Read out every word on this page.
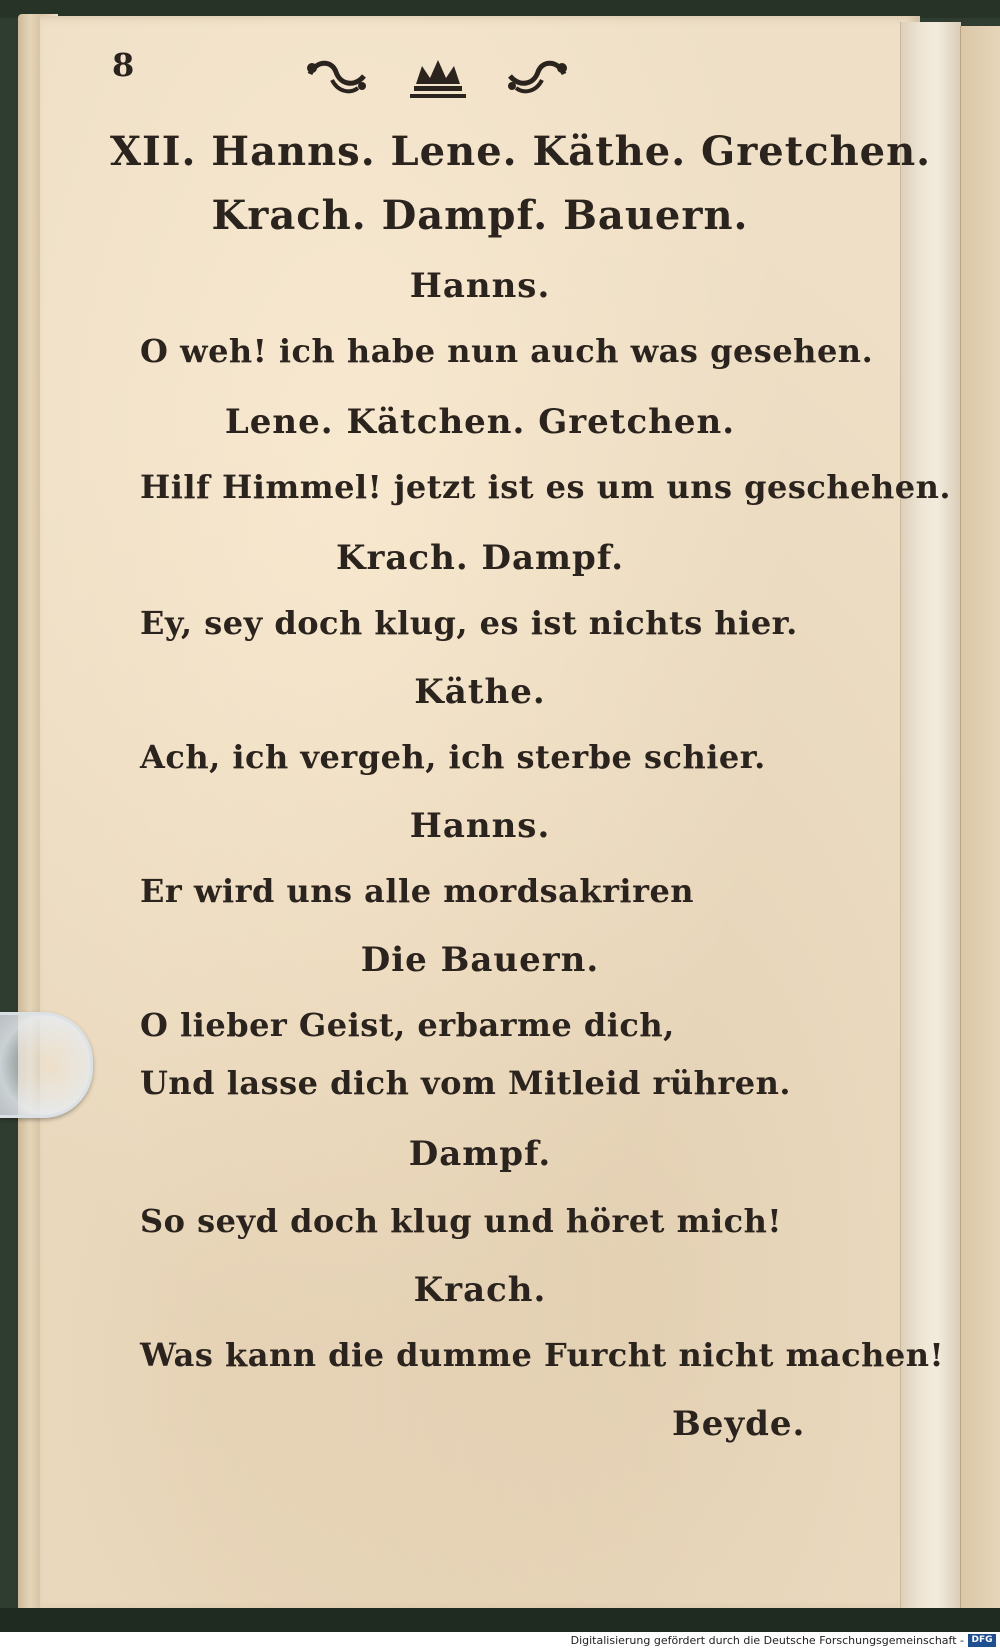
8
XII. Hanns. Lene. Käthe. Gretchen.
Krach. Dampf. Bauern.
Hanns.
O weh! ich habe nun auch was gesehen.
Lene. Kätchen. Gretchen.
Hilf Himmel! jetzt ist es um uns geschehen.
Krach. Dampf.
Ey, sey doch klug, es ist nichts hier.
Käthe.
Ach, ich vergeh, ich sterbe schier.
Hanns.
Er wird uns alle mordsakriren
Die Bauern.
O lieber Geist, erbarme dich,
Und lasse dich vom Mitleid rühren.
Dampf.
So seyd doch klug und höret mich!
Krach.
Was kann die dumme Furcht nicht machen!
Beyde.
Digitalisierung gefördert durch die Deutsche Forschungsgemeinschaft - DFG
